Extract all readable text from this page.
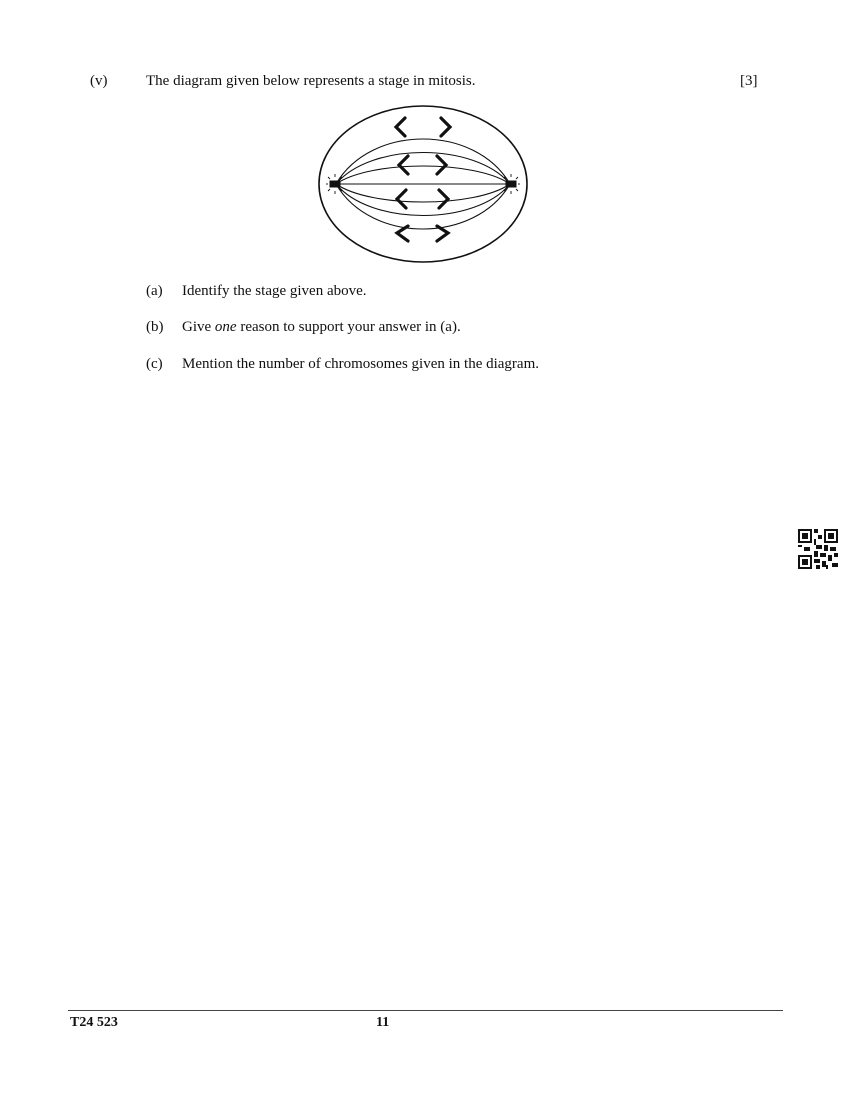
(v)	The diagram given below represents a stage in mitosis.	[3]
(a) Identify the stage given above.
(b) Give one reason to support your answer in (a).
(c) Mention the number of chromosomes given in the diagram.
T24 523	11
